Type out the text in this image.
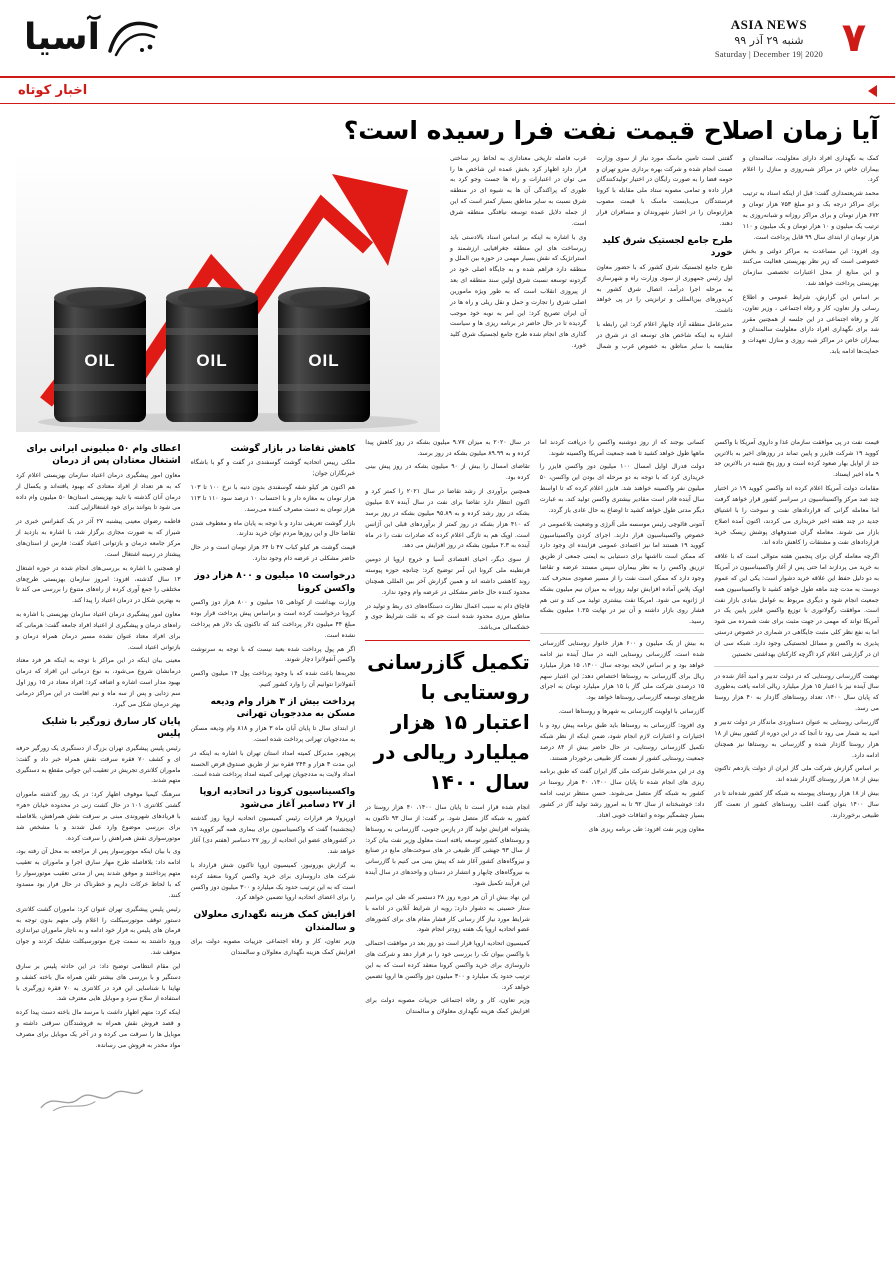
۷
ASIA NEWS
شنبه ۲۹ آذر ۹۹
Saturday | December 19| 2020
آسیا
اخبار کوتاه
آیا زمان اصلاح قیمت نفت فرا رسیده است؟
OIL	OIL	OIL

کمک به نگهداری افراد دارای معلولیت، سالمندان و بیماران خاص در مراکز شبه‌روزی و منازل را اعلام کرد.

محمد شریعتمداری گفت: قبل از اینکه اسناد به ترتیب برای مراکز درجه یک و دو مبلغ ۷۵۳ هزار تومان و ۶۷۲ هزار تومان و برای مراکز روزانه و شبانه‌روزی به ترتیب یک میلیون و ۱۰ هزار تومان و یک میلیون و ۱۱۰ هزار تومان از ابتدای سال ۹۹ قابل پرداخت است.

وی افزود: این مساعدت به مراکز دولتی و بخش خصوصی است که زیر نظر بهزیستی فعالیت می‌کنند و این منابع از محل اعتبارات تخصصی سازمان بهزیستی پرداخت خواهد شد.

بر اساس این گزارش، شرایط عمومی و اطلاع رسانی واز تعاون، کار و رفاه اجتماعی ، وزیر تعاون، کار و رفاه اجتماعی در این جلسه از همچنین مقرر شد برای نگهداری افراد دارای معلولیت سالمندان و بیماران خاص در مراکز شبه روزی و منازل تعهدات و حمایت‌ها ادامه یابد.

گفتنی است تامین ماسک مورد نیاز از سوی وزارت صمت انجام شده و شرکت بهره برداری مترو تهران و حومه فضا را به صورت رایگان در اختیار تولیدکنندگان قرار داده و تمامی مصوبه ستاد ملی مقابله با کرونا فرستندگان می‌بایست ماسک با قیمت مصوب هزارتومان را در اختیار شهروندان و مسافران قرار دهند.

طرح جامع لجستیک شرق کلید خورد

طرح جامع لجستیک شرق کشور که با حضور معاون اول رئیس جمهوری از سوی وزارت راه و شهرسازی به مرحله اجرا درآمد، اتصال شرق کشور به کریدورهای بین‌المللی و ترانزیتی را در پی خواهد داشت.

مدیرعامل منطقه آزاد چابهار اعلام کرد: این رابطه با اشاره به اینکه شاخص های توسعه ای در شرق در مقایسه با سایر مناطق به خصوص غرب و شمال غرب فاصله تاریخی معناداری به لحاظ زیر ساختی قرار دارد اظهار کرد بخش عمده این شاخص ها را می توان در اعتبارات و راه ها جست وجو کرد به طوری که پراکندگی آن ها به شیوه ای در منطقه شرق نسبت به سایر مناطق بسیار کمتر است که این از جمله دلایل عمده توسعه نیافتگی منطقه شرق است.

وی با اشاره به اینکه بر اساس اسناد بالادستی باید زیرساخت های این منطقه جغرافیایی ارزشمند و استراتژیک که نقش بسیار مهمی در حوزه بین الملل و منطقه دارد فراهم شده و به جایگاه اصلی خود در گردونه توسعه نسبت شرق اولین سند منطقه ای بعد از پیروزی انقلاب است که به طور ویژه مامورین اصلی شرق را تجارت و حمل و نقل ریلی و راه ها در آن ایران تصریح کرد: این امر به نوبه خود موجب گردیده تا در حال حاضر در برنامه ریزی ها و سیاست گذاری های انجام شده طرح جامع لجستیک شرق کلید خورد.

اعطای وام ۵۰ میلیونی ایرانی برای اشتغال معتادان پس از درمان

معاون امور پیشگیری درمان اعتیاد سازمان بهزیستی اعلام کرد که به هر تعداد از افراد معتادی که بهبود یافته‌اند و یکسال از درمان آنان گذشته با تایید بهزیستی استان‌ها ۵۰ میلیون وام داده می شود تا بتوانند برای خود اشتغالزایی کنند.

فاطمه رضوان معینی پیشنبه ۲۷ آذر در یک کنفرانس خبری در شیراز که به صورت مجازی برگزار شد، با اشاره به بازدید از مرکز جامعه درمان و بازتوانی اعتیاد گفت: فارس از استان‌های پیشتاز در زمینه اشتغال است.

او همچنین با اشاره به بررسی‌های انجام شده در حوزه اشتغال ۱۳ سال گذشته، افزود: امروز سازمان بهزیستی طرح‌های مختلفی را جمع آوری کرده از راه‌های متنوع را بررسی می کند تا به بهترین شکل در درمان اعتیاد را پیدا کند.

معاون امور پیشگیری درمان اعتیاد سازمان بهزیستی با اشاره به راه‌های درمان و پیشگیری از اعتیاد افراد جامعه گفت: هرمانی که برای افراد معتاد عنوان نشده مسیر درمان همراه درمان و بازتوانی اعتیاد است.

معینی بیان اینکه در این مراکز با توجه به اینکه هر فرد معتاد درمانشان شروع می‌شود، به نوع درمانی این افراد که درمان بهبود مدار است اشاره و اضافه کرد: افراد معتاد در ۱۵ روز اول سم زدایی و پس از سه ماه و نیم اقامت در این مراکز درمانی بهتر درمان شکل می گیرد.

پایان کار سارق زورگیر با شلیک پلیس

رئیس پلیس پیشگیری تهران بزرگ از دستگیری یک زورگیر حرفه ای و کشف ۷۰ فقره سرقت نقش همراه خبر داد و گفت: ماموران کلانتری تجریش در تعقیب این جوانی مقطع به دستگیری متهم شدند.

سرهنگ کیمیا موفوف اظهار کرد: در یک روز گذشته ماموران گشتی کلانتری ۱۰۱ در حال کشت زنی در محدوده خیابان «هر» با فریادهای شهروندی مبنی بر سرقت نقش همراهش، بلافاصله برای بررسی موضوع وارد عمل شدند و با مشخص شد موتورسواری نقش همراهش را سرقت کرده.

وی با بیان اینکه موتورسوار پس از مراجعه به محل آن رفته بود، ادامه داد: بلافاصله طرح مهار سارق اجرا و ماموران به تعقیب متهم پرداختند و موفق شدند پس از مدتی تعقیب موتورسوار را که با لحاظ خرکات داریم و خطرناک در حال فرار بود مسدود کنند.

رئیس پلیس پیشگیری تهران عنوان کرد: ماموران گشت کلانتری دستور توقف موتورسیکلت را اعلام ولی متهم بدون توجه به فرمان های پلیس به فرار خود ادامه و به ناچار ماموران تیراندازی ورود داشتند به سمت چرخ موتورسیکلت شلیک کردند و جوان متوقف شد.

این مقام انتظامی توضیح داد: در این حادثه پلیس بر سارق دستگیر و با بررسی های بیشتر تلفن همراه مال باخته کشف و نهایتا با شناسایی این فرد در کلانتری به ۷۰ فقره زورگیری با استفاده از سلاح سرد و موبایل هایی معترف شد.

اینکه کرد: متهم اظهار داشت با مرسد مال باخته دست پیدا کرده و قصد فروش نقش همراه به فروشندگان سرقتی داشته و موبایل ها را سرقت می کرده و در آخر یک موبایل برای مصرف مواد مخدر به فروش می رسانده.

کاهش تقاضا در بازار گوشت

ملکی رییس اتحادیه گوشت گوسفندی در گفت و گو با باشگاه خبرنگاران جوان;

هم اکنون هر کیلو شقه گوسفندی بدون دنبه با نرخ ۱۰۰ تا ۱۰۳ هزار تومان به مغازه دار و با احتساب ۱۰ درصد سود ۱۱۰ تا ۱۱۳ هزار تومان به دست مصرف کننده می‌رسد.

بازار گوشت تعریفی ندارد و با توجه به پایان ماه و معطوف شدن تقاضا حال و این روزها مردم توان خرید ندارند.

قیمت گوشت هر کیلو کباب ۴۷ تا ۶۴ هزار تومان است و در حال حاضر مشکلی در عرضه دام وجود ندارد.

درخواست ۱۵ میلیون و ۸۰۰ هزار دوز واکسن کرونا

وزارت بهداشت از کوتاهی ۱۵ میلیون و ۸۰۰ هزار دوز واکسن کرونا درخواست کرده است و براساس پیش پرداخت قرار بوده مبلغ ۴۴ میلیون دلار پرداخت کند که تاکنون یک دلار هم پرداخت نشده است.

اگر هم پول پرداخت شده بعید نیست که با توجه به سرنوشت واکسن آنفولانزا دچار شوند.

تجربه‌ها باعث شده که با وجود پرداخت پول ۱۴ میلیون واکسن آنفولانزا نتوانیم آن را وارد کشور کنیم.

پرداخت بیش از ۳ هزار وام ودیعه مسکن به مددجویان تهرانی

از ابتدای سال تا پایان آبان ماه ۳ هزار و ۸۱۸ وام ودیعه مسکن به مددجویان تهرانی پرداخت شده است.

پریچهر، مدیرکل کمیته امداد استان تهران با اشاره به اینکه در این مدت ۳ هزار و ۲۴۴ فقره نیز از طریق صندوق قرض الحسنه امداد ولایت به مددجویان تهرانی کمیته امداد پرداخت شده است.

واکسیناسیون کرونا در اتحادیه اروپا از ۲۷ دسامبر آغاز می‌شود

اورپزولا هر قرارات رئیس کمیسیون اتحادیه اروپا روز گذشته (پنجشنبه) گفت که واکسیناسیون برای بیماری همه گیر کووید ۱۹ در کشورهای عضو این اتحادیه از روز ۲۷ دسامبر (هفتم دی) آغاز خواهد شد.

به گزارش یورونیوز، کمیسیون اروپا تاکنون شش قرارداد با شرکت های داروسازی برای خرید واکسن کرونا منعقد کرده است که به این ترتیب حدود یک میلیارد و ۳۰۰ میلیون دوز واکسن را برای اعضای اتحادیه اروپا تضمین خواهد کرد.

افزایش کمک هزینه نگهداری معلولان و سالمندان

وزیر تعاون، کار و رفاه اجتماعی جزییات مصوبه دولت برای افزایش کمک هزینه نگهداری معلولان و سالمندان

در سال ۲۰۲۰ به میزان ۹.۷۷ میلیون بشکه در روز کاهش پیدا کرده و به ۸۹.۹۹ میلیون بشکه در روز برسد.

تقاضای امسال را بیش از ۹۰ میلیون بشکه در روز پیش بینی کرده بود.

همچنین برآوردی از رشد تقاضا در سال ۲۰۲۱ را کمتر کرد و اکنون انتظار دارد تقاضا برای نفت در سال آینده ۵.۷ میلیون بشکه در روز رشد کرده و به ۹۵.۸۹ میلیون بشکه در روز برسد که ۴۱۰ هزار بشکه در روز کمتر از برآوردهای قبلی این آژانس است. اوپک هم به تازگی اعلام کرده که صادرات نفت را در ماه آینده به ۲.۳ میلیون بشکه در روز افزایش می دهد.

از سوی دیگر، احیای اقتصادی آسیا و خروج اروپا از دومین قرنطینه ملی کرونا این آمر توضیح کرد: چنانچه حوزه پیوسته روند کاهشی داشته اند و همین گزارش آخر بین المللی همچنان محدود کننده حال حاضر مشکلی در عرضه وام وجود ندارد.

قاچاق دام به سبب اعمال نظارت دستگاه‌های ذی ربط و تولید در مناطق مرزی محدود شده است جو که به علت شرایط جوی و خشکسالی می‌باشد.

تکمیل گازرسانی روستایی با اعتبار ۱۵ هزار میلیارد ریالی در سال ۱۴۰۰

انجام شده قرار است تا پایان سال ۱۴۰۰، ۴۰ هزار روستا در کشور به شبکه گاز متصل شود. بر گفت: از سال ۹۳ تاکنون به پشتوانه افزایش تولید گاز در پارس جنوبی، گازرسانی به روستاها و روستاهای کشور توسعه یافته است معلول وزیر نفت بیان کرد: از سال ۹۳ جهشی گاز طبیعی در های سوخت‌های مایع در صنایع و نیروگاه‌های کشور آغاز شد که پیش بینی می کنیم با گازرسانی به نیروگاه‌های چابهار و انتشار در دستان و واحدهای در سال آینده این فرآیند تکمیل شود.

این نهاد بیش از آن هر دوره روز ۲۸ دستمبر که طی این مراسم ستار حسینی به دشوار دارد; رویه از شرایط آنلاین در ادامه با شرایط مورد نیاز گاز رسانی کار فشار مقام های برای کشورهای عضو اتحادیه اروپا یک هفته زودتر انجام شود.

کمیسیون اتحادیه اروپا قرار است دو روز بعد در موافقت احتمالی با واکسن بیوان تک را بررسی خود را بر قرار دهد و شرکت های داروسازی برای خرید واکسن کرونا منعقد کرده است که به این ترتیب حدود یک میلیارد و ۳۰۰ میلیون دوز واکسن ها اروپا تضمین خواهد کرد.

وزیر تعاون، کار و رفاه اجتماعی جزییات مصوبه دولت برای افزایش کمک هزینه نگهداری معلولان و سالمندان

کسانی بوجند که از روز دوشنبه واکسن را دریافت کردند اما ماهها طول خواهد کشید تا همه جمعیت آمریکا واکسینه شوند.

دولت فدرال اوایل امسال ۱۰۰ میلیون دوز واکسن فایزر را خریداری کرد که با توجه به دو مرحله ای بودن این واکسن، ۵۰ میلیون نفر واکسینه خواهند شد. فایزر اعلام کرده که تا اواسط سال آینده قادر است مقادیر بیشتری واکسن تولید کند. به عبارت دیگر مدتی طول خواهد کشید تا اوضاع به حال عادی باز گردد.

آنتونی فائوچی رئیس موسسه ملی آلرژی و وضعیت بلاعمومی در خصوص واکسیناسیون قرار دارند. اجرای کردن واکسیناسیون کووید ۱۹ هستند اما نیز اعتمادی عمومی فزاینده ای وجود دارد که ممکن است نااشنها برای دستیابی به ایمنی جمعی از طریق تزریق واکسن را به نظر بیماران سپس مستند عرضه و تقاضا وجود دارد که ممکن است نفت را از مسیر صعودی منحرف کند. اوپک پلاس آماده افزایش تولید روزانه به میزان نیم میلیون بشکه از ژانویه می شود. امریکا نفت بیشتری تولید می کند و تنی هم فشار روی بازار داشته و آن نیز در نهایت ۱.۲۵ میلیون بشکه رسید.

به بیش از یک میلیون و ۶۰۰ هزار خانوار روستایی گازرسانی شده است. گازرسانی روستایی البته در سال آینده نیز ادامه خواهد بود و بر اساس لایحه بودجه سال ۱۴۰۰، ۱۵ هزار میلیارد ریال برای گازرسانی به روستاها اختصاص دهد; این اعتبار سهم ۱۵ درصدی شرکت ملی گاز با ۱۵ هزار میلیارد تومان به اجرای طرح‌های توسعه گازرسانی روستاها خواهد بود.

گازرسانی با اولویت گازرسانی به شهرها و روستاها است.

وی افزود: گازرسانی به روستاها باید طبق برنامه پیش رود و با اختیارات و اعتبارات لازم انجام شود، ضمن اینکه از نظر شبکه تکمیل گازرسانی روستایی، در حال حاضر بیش از ۸۴ درصد جمعیت روستایی کشور از نعمت گاز طبیعی برخوردار هستند.

وی در این مدیرعامل شرکت ملی گاز ایران گفت که طبق برنامه ریزی های انجام شده تا پایان سال ۱۴۰۰، ۴۰ هزار روستا در کشور به شبکه گاز متصل می‌شوند. حسن منتظر ترتیب ادامه داد: خوشبختانه از سال ۹۲ تا به امروز رشد تولید گاز در کشور بسیار چشمگیر بوده و اتفاقات خوبی افتاد.

معاون وزیر نفت افزود: طی برنامه ریزی های

قیمت نفت در پی موافقت سازمان غذا و داروی آمریکا با واکسن کووید ۱۹ شرکت فایزر و پایین تماند در روزهای اخیر به بالاترین حد از اوایل بهار صعود کرده است و روز پنج شنبه در بالاترین حد ۹ ماه اخیر ایستاد.

مقامات دولت آمریکا اعلام کرده اند واکسن کووید ۱۹ در اختیار چند صد مرکز واکسیناسیون در سراسر کشور قرار خواهد گرفت اما معامله گرانی که قراردادهای نفت و سوخت را با اشتیاق جدید در چند هفته اخیر خریداری می کردند، اکنون آمده اصلاح بازار می شوند. معامله گران صندوقهای پوشش ریسک خرید قراردادهای نفت و مشتقات را کاهش داده اند.

اگرچه معامله گران برای پنجمین هفته متوالی است که با علاقه به خرید می پردازند اما حتی پس از آغاز واکسیناسیون در آمریکا به دو دلیل حفظ این علاقه خرید دشوار است: یکی این که عموم دوست به مدت چند ماهه طول خواهد کشید تا واکسیناسیون همه جمعیت انجام شود و دیگری مربوط به عوامل بنیادی بازار نفت است. موافقت رگولاتوری با توزیع واکسن فایزر پایین یک در آمریکا تواند که مهمی در جهت مثبت برای نفت شمرده می شود اما به نفع نظر کلی مثبت جایگاهی در شماری در خصوص درستی پذیری به واکسن و مسائل لجستیکی وجود دارد. شبکه سی ان ان در گزارشی اعلام کرد اگرچه کارکنان بهداشتی نخستین

نهضت گازرسانی روستایی که در دولت تدبیر و امید آغاز شده در سال آینده نیز با اعتبار ۱۵ هزار میلیارد ریالی ادامه یافت به‌طوری که پایان سال ۱۴۰۰، تعداد روستاهای گازدار به ۴۰ هزار روستا می رسد.

گازرسانی روستایی به عنوان دستاوردی ماندگار در دولت تدبیر و امید به شمار می رود تا آنجا که در این دوره از کشور بیش از ۱۸ هزار روستا گازدار شده و گازرسانی به روستاها نیز همچنان ادامه دارد.

بر اساس گزارش شرکت ملی گاز ایران از دولت یازدهم تاکنون بیش از ۱۸ هزار روستای گازدار شده اند.

بیش از ۱۸ هزار روستای پیوسته به شبکه گاز کشور شده‌اند تا در سال ۱۴۰۰ بتوان گفت اغلب روستاهای کشور از نعمت گاز طبیعی برخوردارند.
